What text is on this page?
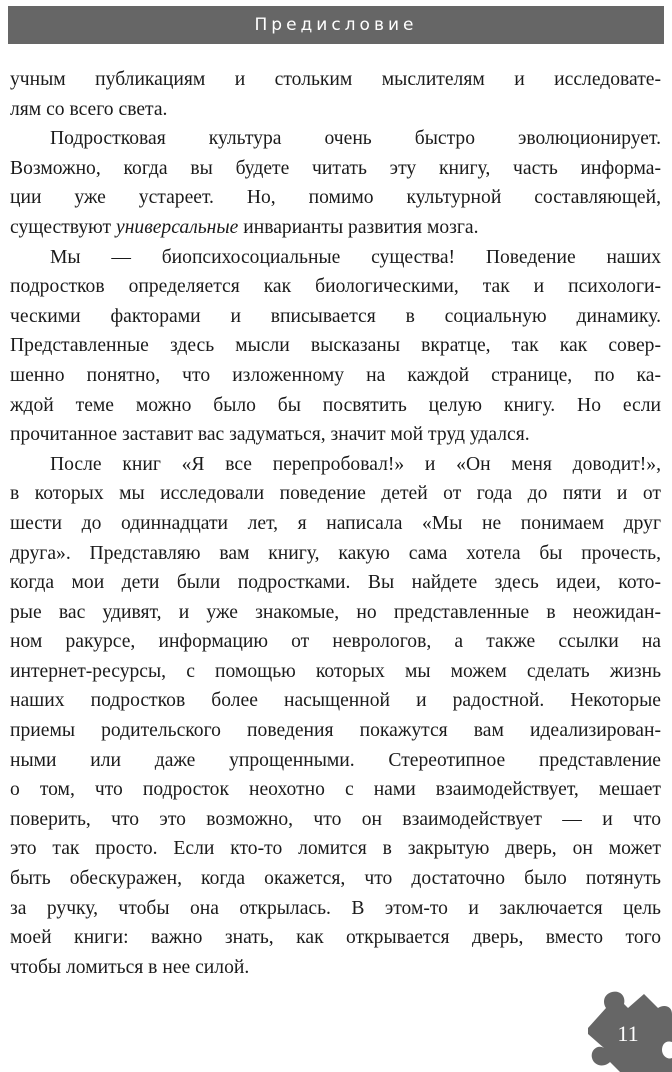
Предисловие
учным публикациям и стольким мыслителям и исследовате-
лям со всего света.
Подростковая культура очень быстро эволюционирует.
Возможно, когда вы будете читать эту книгу, часть информа-
ции уже устареет. Но, помимо культурной составляющей,
существуют универсальные инварианты развития мозга.
Мы — биопсихосоциальные существа! Поведение наших
подростков определяется как биологическими, так и психологи-
ческими факторами и вписывается в социальную динамику.
Представленные здесь мысли высказаны вкратце, так как совер-
шенно понятно, что изложенному на каждой странице, по ка-
ждой теме можно было бы посвятить целую книгу. Но если
прочитанное заставит вас задуматься, значит мой труд удался.
После книг «Я все перепробовал!» и «Он меня доводит!»,
в которых мы исследовали поведение детей от года до пяти и от
шести до одиннадцати лет, я написала «Мы не понимаем друг
друга». Представляю вам книгу, какую сама хотела бы прочесть,
когда мои дети были подростками. Вы найдете здесь идеи, кото-
рые вас удивят, и уже знакомые, но представленные в неожидан-
ном ракурсе, информацию от неврологов, а также ссылки на
интернет-ресурсы, с помощью которых мы можем сделать жизнь
наших подростков более насыщенной и радостной. Некоторые
приемы родительского поведения покажутся вам идеализирован-
ными или даже упрощенными. Стереотипное представление
о том, что подросток неохотно с нами взаимодействует, мешает
поверить, что это возможно, что он взаимодействует — и что
это так просто. Если кто-то ломится в закрытую дверь, он может
быть обескуражен, когда окажется, что достаточно было потянуть
за ручку, чтобы она открылась. В этом-то и заключается цель
моей книги: важно знать, как открывается дверь, вместо того
чтобы ломиться в нее силой.
11
